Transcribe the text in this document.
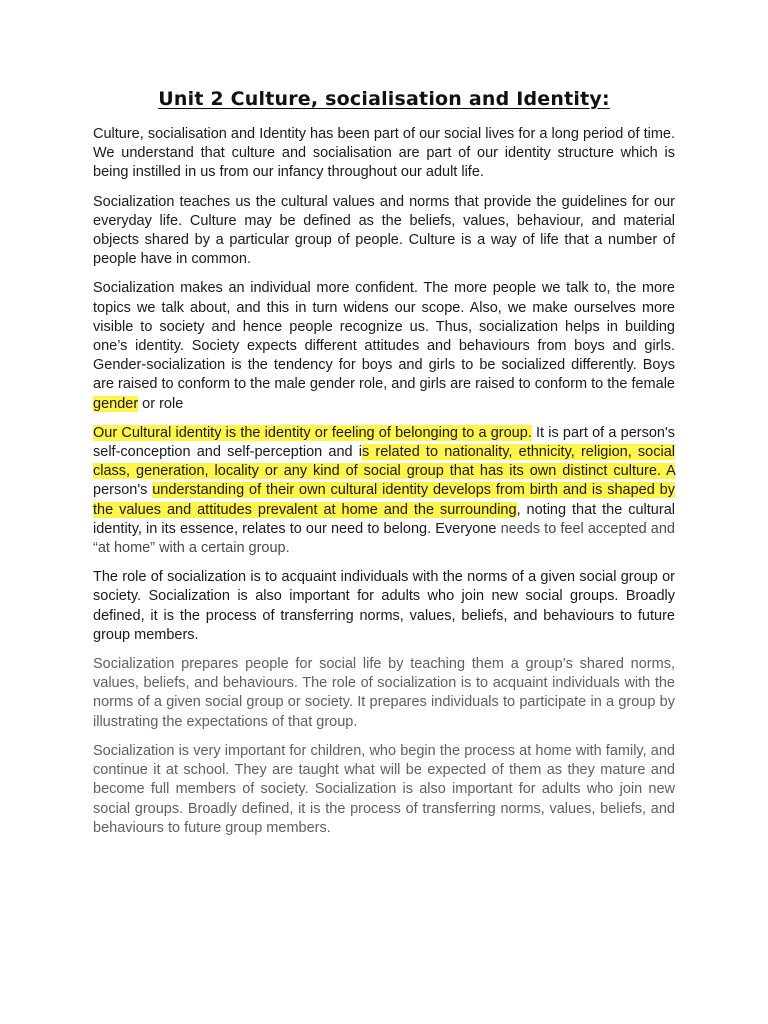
Unit 2 Culture, socialisation and Identity:

Culture, socialisation and Identity has been part of our social lives for a long period of time. We understand that culture and socialisation are part of our identity structure which is being instilled in us from our infancy throughout our adult life.

Socialization teaches us the cultural values and norms that provide the guidelines for our everyday life. Culture may be defined as the beliefs, values, behaviour, and material objects shared by a particular group of people. Culture is a way of life that a number of people have in common.

Socialization makes an individual more confident. The more people we talk to, the more topics we talk about, and this in turn widens our scope. Also, we make ourselves more visible to society and hence people recognize us. Thus, socialization helps in building one’s identity. Society expects different attitudes and behaviours from boys and girls. Gender-socialization is the tendency for boys and girls to be socialized differently. Boys are raised to conform to the male gender role, and girls are raised to conform to the female gender or role

Our Cultural identity is the identity or feeling of belonging to a group. It is part of a person's self-conception and self-perception and is related to nationality, ethnicity, religion, social class, generation, locality or any kind of social group that has its own distinct culture. A person's understanding of their own cultural identity develops from birth and is shaped by the values and attitudes prevalent at home and the surrounding, noting that the cultural identity, in its essence, relates to our need to belong. Everyone needs to feel accepted and “at home” with a certain group.

The role of socialization is to acquaint individuals with the norms of a given social group or society. Socialization is also important for adults who join new social groups. Broadly defined, it is the process of transferring norms, values, beliefs, and behaviours to future group members.

Socialization prepares people for social life by teaching them a group’s shared norms, values, beliefs, and behaviours. The role of socialization is to acquaint individuals with the norms of a given social group or society. It prepares individuals to participate in a group by illustrating the expectations of that group.

Socialization is very important for children, who begin the process at home with family, and continue it at school. They are taught what will be expected of them as they mature and become full members of society. Socialization is also important for adults who join new social groups. Broadly defined, it is the process of transferring norms, values, beliefs, and behaviours to future group members.
